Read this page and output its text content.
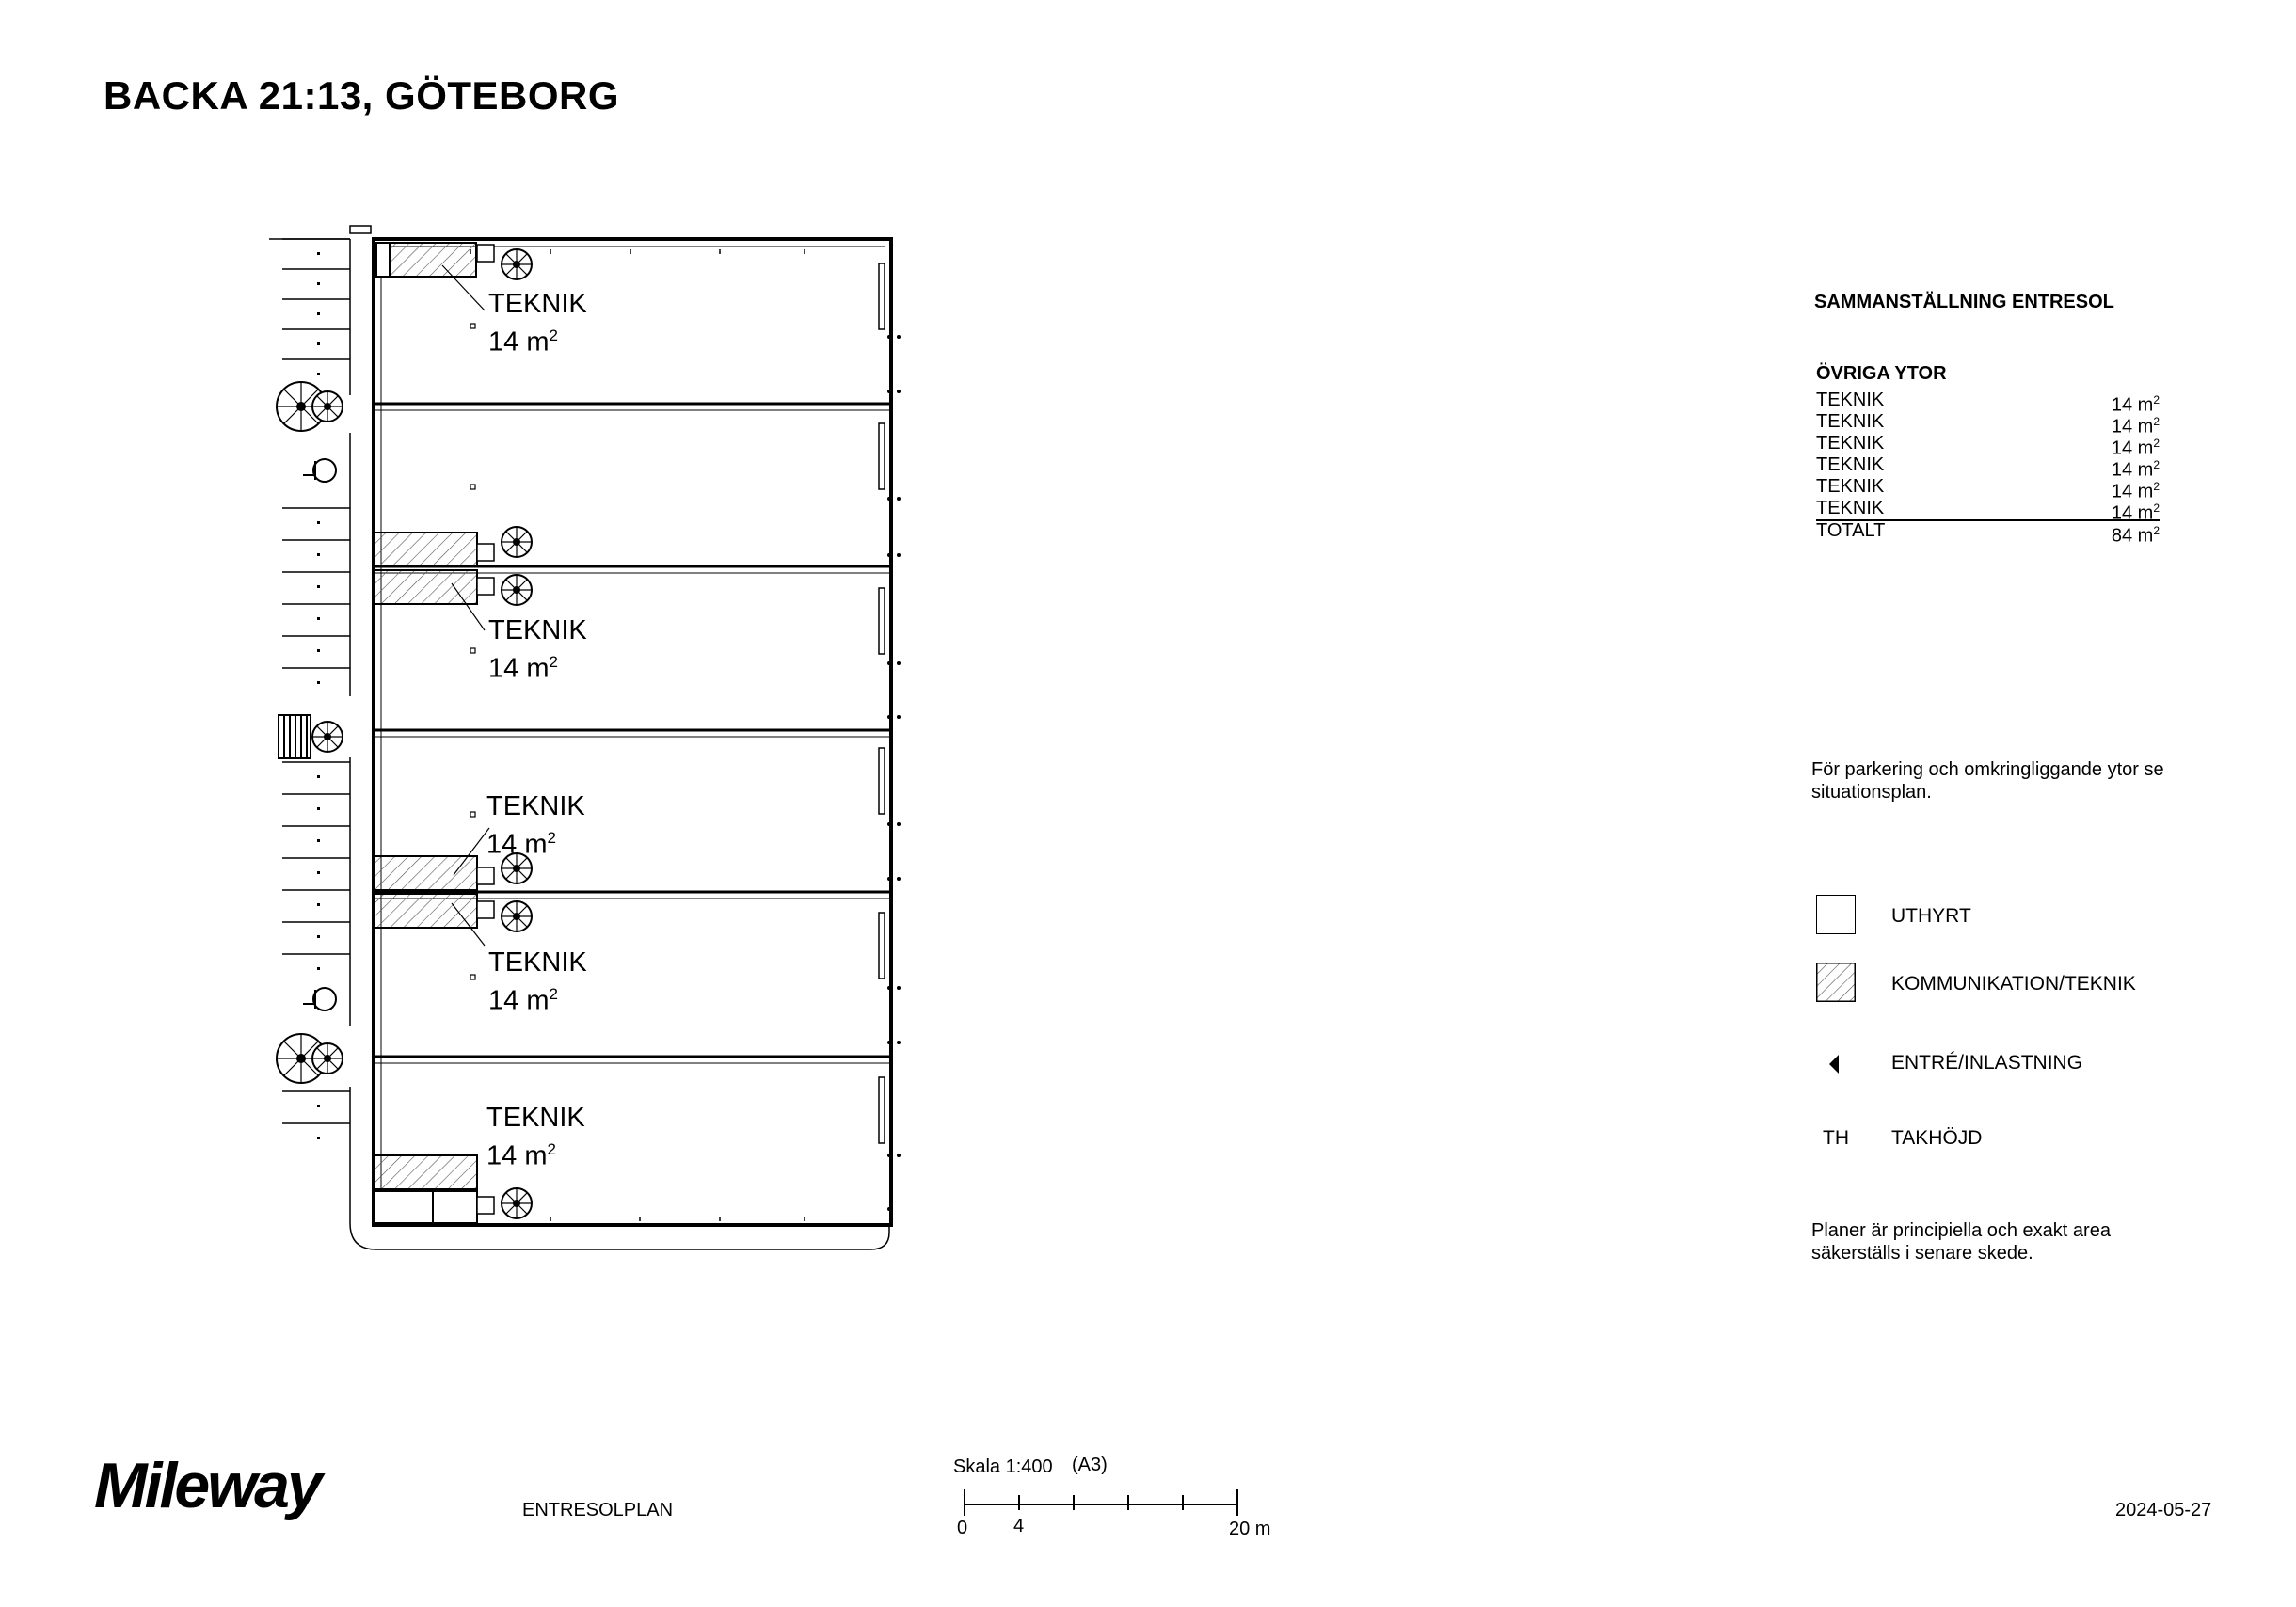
BACKA 21:13, GÖTEBORG
TEKNIK
14 $m^2$
TEKNIK
14 $m^2$
TEKNIK
14 $m^2$
TEKNIK
14 $m^2$
TEKNIK
14 $m^2$
SAMMANSTÄLLNING ENTRESOL
ÖVRIGA YTOR
TEKNIK	14 $m^2$
TEKNIK	14 $m^2$
TEKNIK	14 $m^2$
TEKNIK	14 $m^2$
TEKNIK	14 $m^2$
TEKNIK	14 $m^2$
TOTALT	84 $m^2$
För parkering och omkringliggande ytor se situationsplan.
UTHYRT
KOMMUNIKATION/TEKNIK
ENTRÉ/INLASTNING
TH TAKHÖJD
Planer är principiella och exakt area säkerställs i senare skede.
Mileway	ENTRESOLPLAN
Skala 1:400 (A3)
0 4	20 m
2024-05-27
